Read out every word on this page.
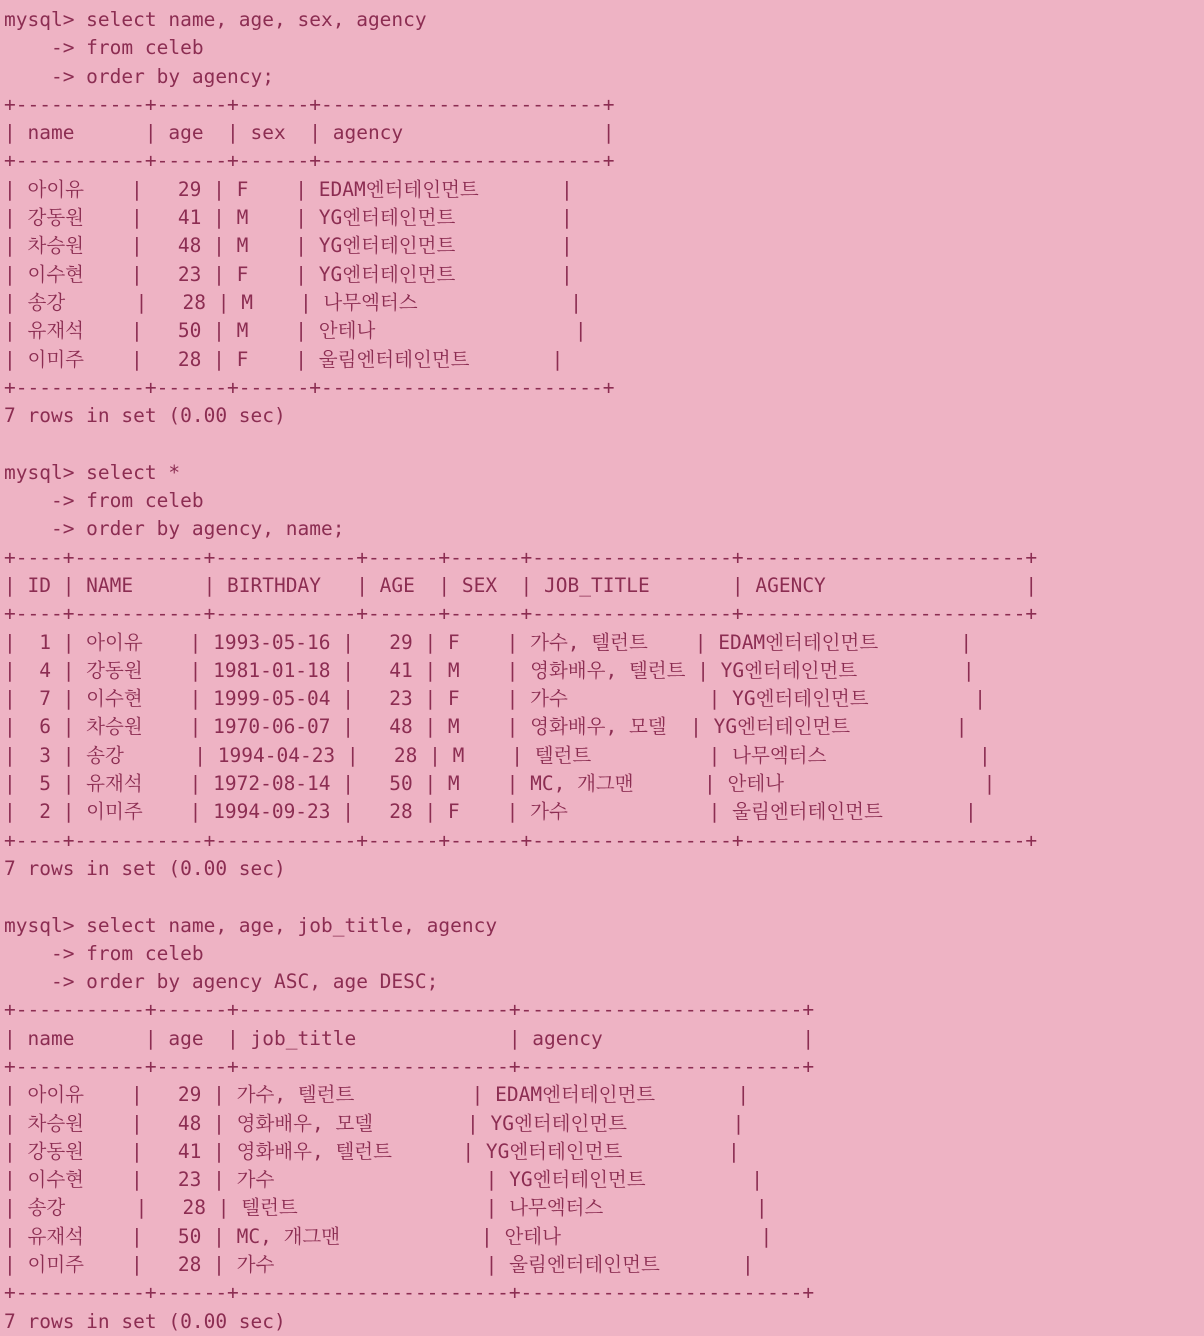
mysql> select name, age, sex, agency
-> from celeb
-> order by agency;
+-----------+------+------+------------------------+
| name      | age  | sex  | agency                 |
+-----------+------+------+------------------------+
| 아이유    |   29 | F    | EDAM엔터테인먼트       |
| 강동원    |   41 | M    | YG엔터테인먼트         |
| 차승원    |   48 | M    | YG엔터테인먼트         |
| 이수현    |   23 | F    | YG엔터테인먼트         |
| 송강      |   28 | M    | 나무엑터스             |
| 유재석    |   50 | M    | 안테나                 |
| 이미주    |   28 | F    | 울림엔터테인먼트       |
+-----------+------+------+------------------------+
7 rows in set (0.00 sec)
mysql> select *
-> from celeb
-> order by agency, name;
+----+-----------+------------+------+------+-----------------+------------------------+
| ID | NAME      | BIRTHDAY   | AGE  | SEX  | JOB_TITLE       | AGENCY                 |
+----+-----------+------------+------+------+-----------------+------------------------+
|  1 | 아이유    | 1993-05-16 |   29 | F    | 가수, 텔런트    | EDAM엔터테인먼트       |
|  4 | 강동원    | 1981-01-18 |   41 | M    | 영화배우, 텔런트 | YG엔터테인먼트         |
|  7 | 이수현    | 1999-05-04 |   23 | F    | 가수            | YG엔터테인먼트         |
|  6 | 차승원    | 1970-06-07 |   48 | M    | 영화배우, 모델  | YG엔터테인먼트         |
|  3 | 송강      | 1994-04-23 |   28 | M    | 텔런트          | 나무엑터스             |
|  5 | 유재석    | 1972-08-14 |   50 | M    | MC, 개그맨      | 안테나                 |
|  2 | 이미주    | 1994-09-23 |   28 | F    | 가수            | 울림엔터테인먼트       |
+----+-----------+------------+------+------+-----------------+------------------------+
7 rows in set (0.00 sec)
mysql> select name, age, job_title, agency
-> from celeb
-> order by agency ASC, age DESC;
+-----------+------+-----------------------+------------------------+
| name      | age  | job_title             | agency                 |
+-----------+------+-----------------------+------------------------+
| 아이유    |   29 | 가수, 텔런트          | EDAM엔터테인먼트       |
| 차승원    |   48 | 영화배우, 모델        | YG엔터테인먼트         |
| 강동원    |   41 | 영화배우, 텔런트      | YG엔터테인먼트         |
| 이수현    |   23 | 가수                  | YG엔터테인먼트         |
| 송강      |   28 | 텔런트                | 나무엑터스             |
| 유재석    |   50 | MC, 개그맨            | 안테나                 |
| 이미주    |   28 | 가수                  | 울림엔터테인먼트       |
+-----------+------+-----------------------+------------------------+
7 rows in set (0.00 sec)
